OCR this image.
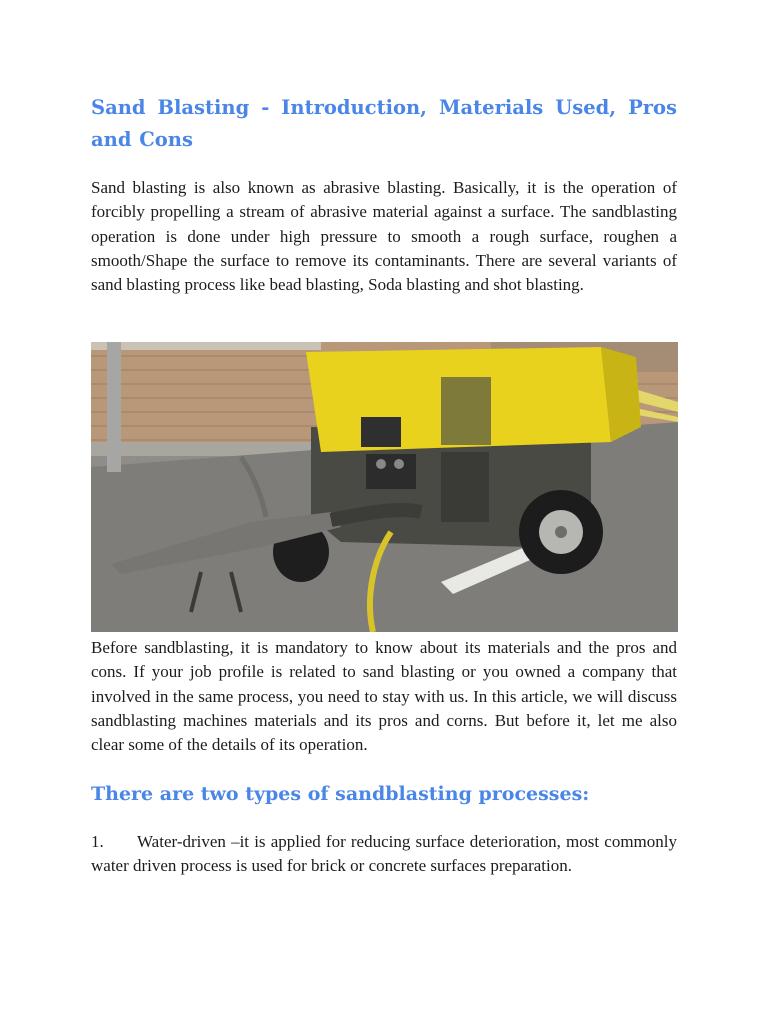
Sand Blasting - Introduction, Materials Used, Pros and Cons

Sand blasting is also known as abrasive blasting. Basically, it is the operation of forcibly propelling a stream of abrasive material against a surface. The sandblasting operation is done under high pressure to smooth a rough surface, roughen a smooth/Shape the surface to remove its contaminants. There are several variants of sand blasting process like bead blasting, Soda blasting and shot blasting.

Before sandblasting, it is mandatory to know about its materials and the pros and cons. If your job profile is related to sand blasting or you owned a company that involved in the same process, you need to stay with us. In this article, we will discuss sandblasting machines materials and its pros and corns. But before it, let me also clear some of the details of its operation.

There are two types of sandblasting processes:

1. Water-driven –it is applied for reducing surface deterioration, most commonly water driven process is used for brick or concrete surfaces preparation.
